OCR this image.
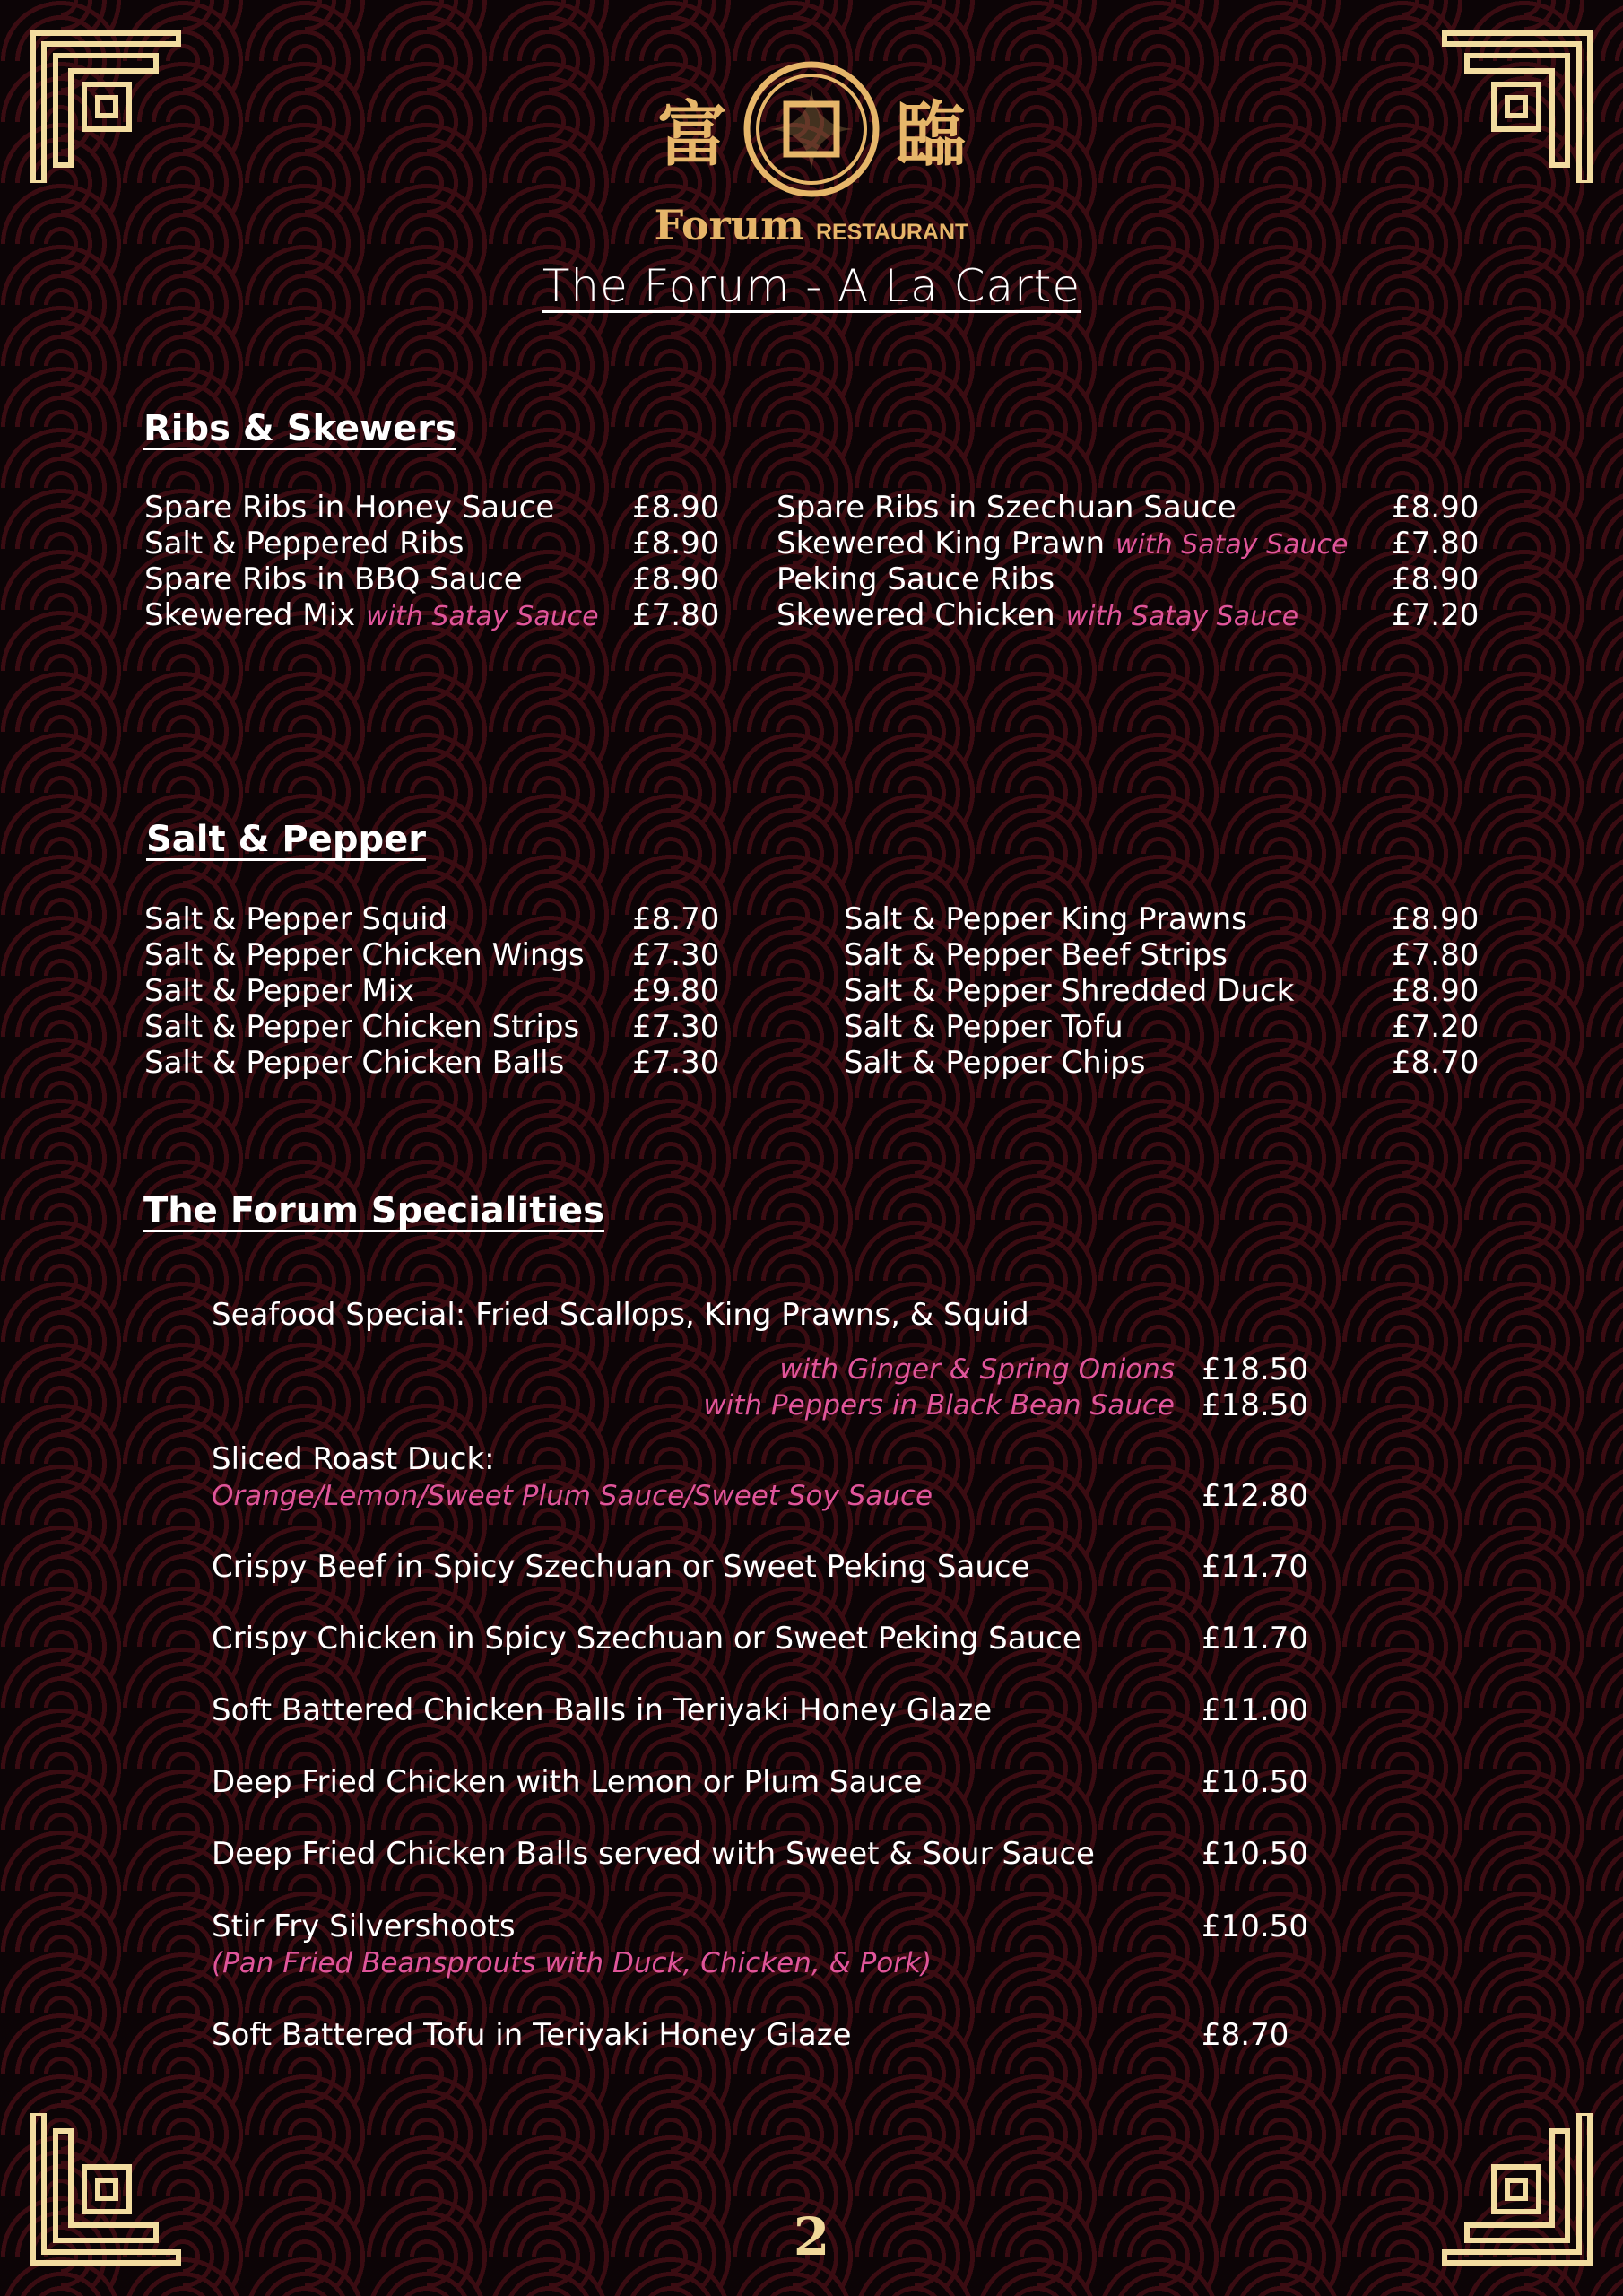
富 臨
Forum RESTAURANT
The Forum - A La Carte
Ribs & Skewers
Spare Ribs in Honey Sauce	£8.90
Salt & Peppered Ribs	£8.90
Spare Ribs in BBQ Sauce	£8.90
Skewered Mix with Satay Sauce £7.80
Spare Ribs in Szechuan Sauce	£8.90
Skewered King Prawn with Satay Sauce £7.80
Peking Sauce Ribs	£8.90
Skewered Chicken with Satay Sauce	£7.20
Salt & Pepper
Salt & Pepper Squid	£8.70
Salt & Pepper Chicken Wings £7.30
Salt & Pepper Mix	£9.80
Salt & Pepper Chicken Strips £7.30
Salt & Pepper Chicken Balls £7.30
Salt & Pepper King Prawns	£8.90
Salt & Pepper Beef Strips	£7.80
Salt & Pepper Shredded Duck	£8.90
Salt & Pepper Tofu	£7.20
Salt & Pepper Chips	£8.70
The Forum Specialities
Seafood Special: Fried Scallops, King Prawns, & Squid
with Ginger & Spring Onions £18.50
with Peppers in Black Bean Sauce £18.50
Sliced Roast Duck:
Orange/Lemon/Sweet Plum Sauce/Sweet Soy Sauce	£12.80
Crispy Beef in Spicy Szechuan or Sweet Peking Sauce	£11.70
Crispy Chicken in Spicy Szechuan or Sweet Peking Sauce	£11.70
Soft Battered Chicken Balls in Teriyaki Honey Glaze	£11.00
Deep Fried Chicken with Lemon or Plum Sauce	£10.50
Deep Fried Chicken Balls served with Sweet & Sour Sauce	£10.50
Stir Fry Silvershoots	£10.50
(Pan Fried Beansprouts with Duck, Chicken, & Pork)
Soft Battered Tofu in Teriyaki Honey Glaze	£8.70
2
